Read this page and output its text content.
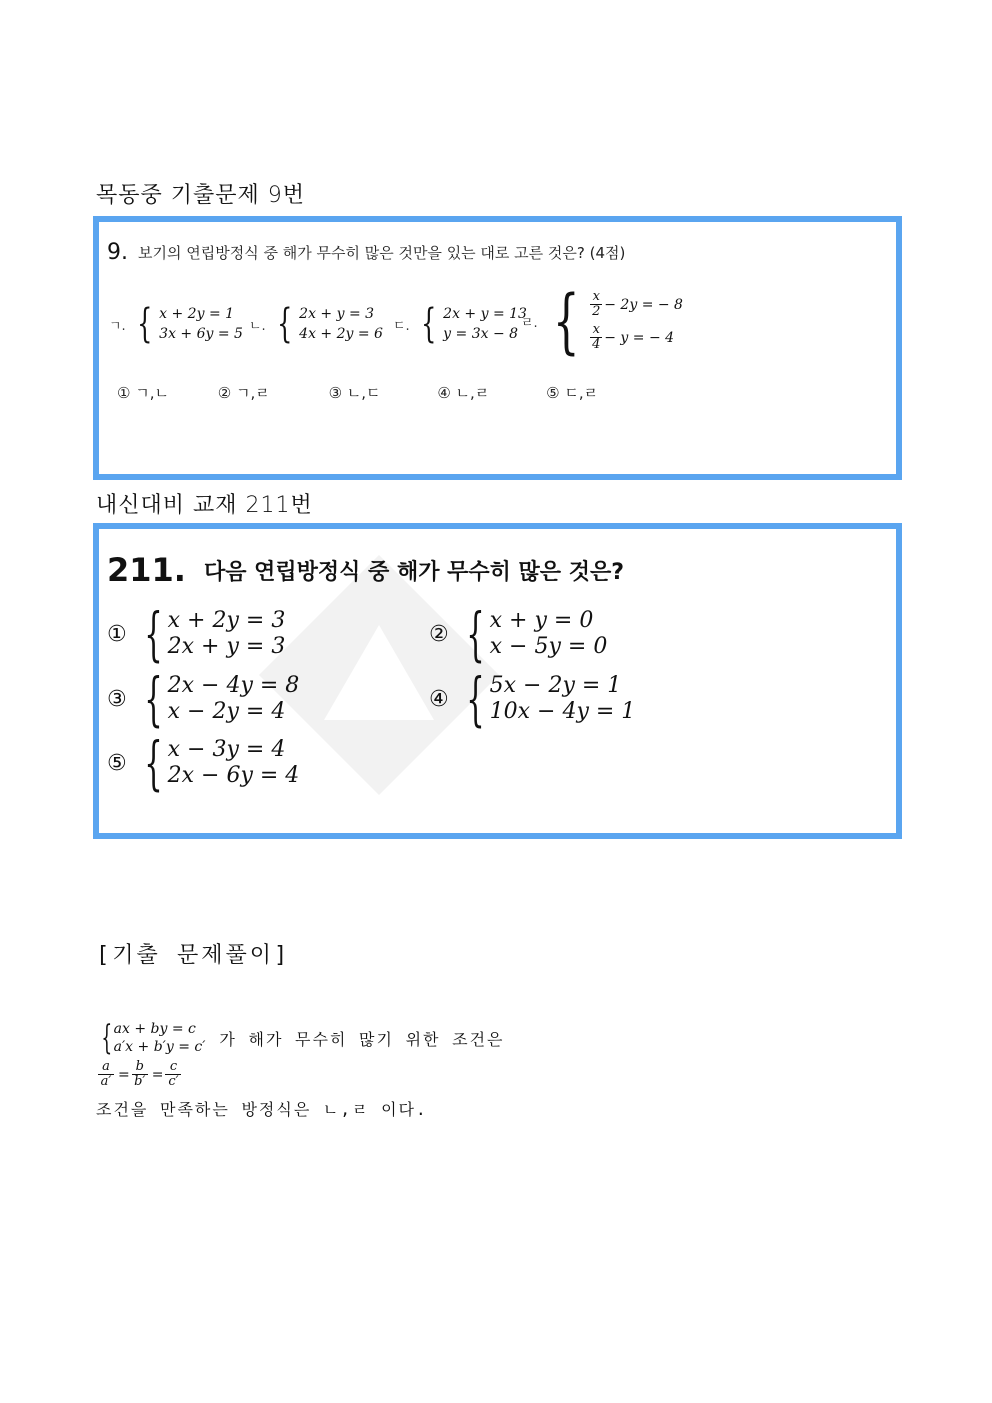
목동중 기출문제 9번
9. 보기의 연립방정식 중 해가 무수히 많은 것만을 있는 대로 고른 것은? (4점)
ㄱ. { x + 2y = 1
3x + 6y = 5 ㄴ. { 2x + y = 3
4x + 2y = 6 ㄷ. { 2x + y = 13
y = 3x − 8
ㄹ. { $\frac{x}{2} - 2y$ = − 8
$\frac{x}{4} - y$ = − 4
① ㄱ,ㄴ	② ㄱ,ㄹ	③ ㄴ,ㄷ	④ ㄴ,ㄹ	⑤ ㄷ,ㄹ
내신대비 교재 211번
211. 다음 연립방정식 중 해가 무수히 많은 것은?
① { x + 2y = 3
2x + y = 3	② { x + y = 0
x − 5y = 0
③ { 2x − 4y = 8
x − 2y = 4	④ { 5x − 2y = 1
10x − 4y = 1
⑤ { x − 3y = 4
2x − 6y = 4
[기출 문제풀이]
{ ax + by = c
a′x + b′y = c′ 가 해가 무수히 많기 위한 조건은
$\frac{a}{a'} = \frac{b}{b'} = \frac{c}{c'}$
조건을 만족하는 방정식은 ㄴ,ㄹ 이다.
